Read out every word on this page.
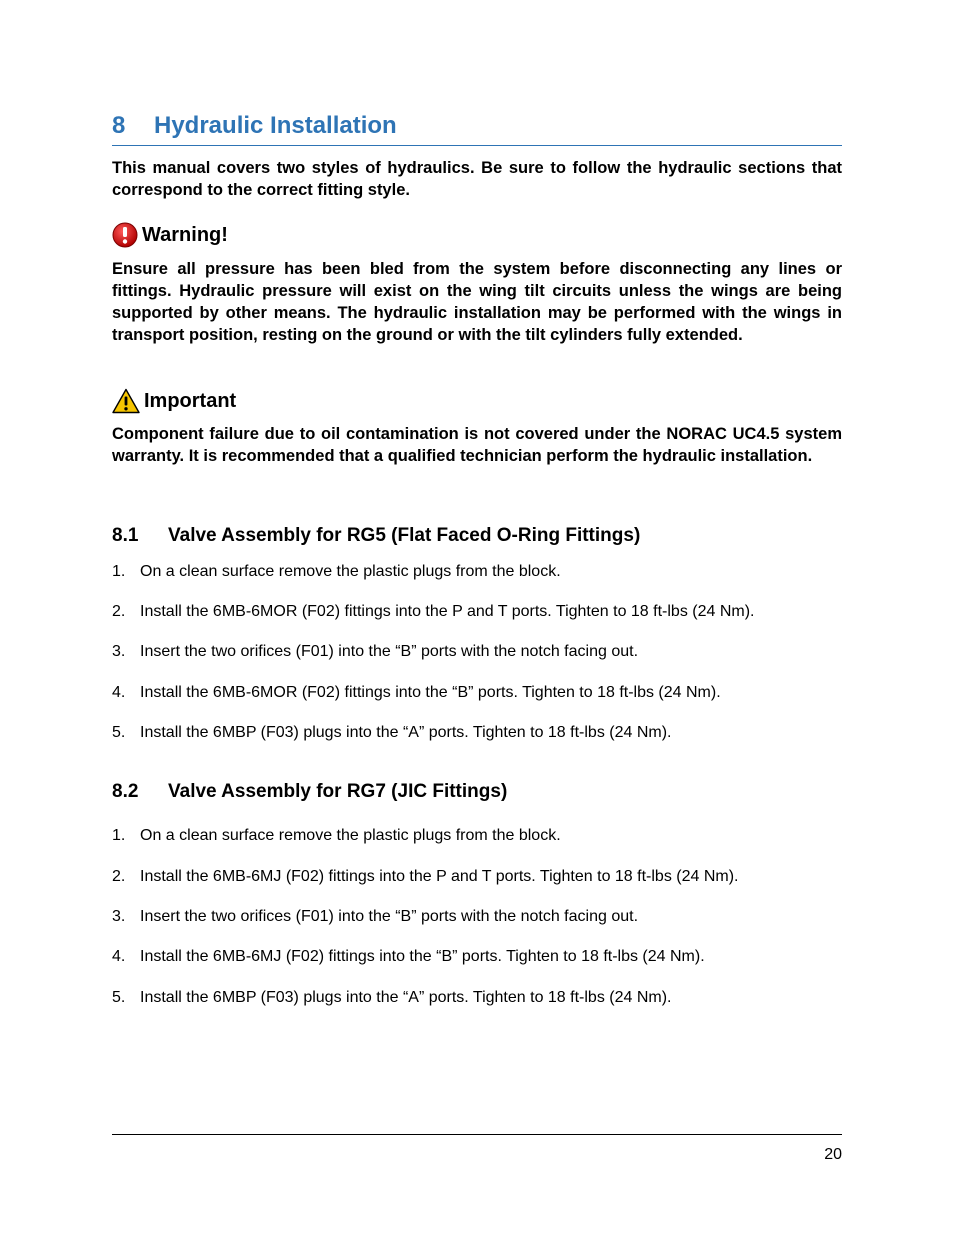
8 Hydraulic Installation
This manual covers two styles of hydraulics. Be sure to follow the hydraulic sections that correspond to the correct fitting style.
Warning!
Ensure all pressure has been bled from the system before disconnecting any lines or fittings. Hydraulic pressure will exist on the wing tilt circuits unless the wings are being supported by other means. The hydraulic installation may be performed with the wings in transport position, resting on the ground or with the tilt cylinders fully extended.
Important
Component failure due to oil contamination is not covered under the NORAC UC4.5 system warranty. It is recommended that a qualified technician perform the hydraulic installation.
8.1 Valve Assembly for RG5 (Flat Faced O-Ring Fittings)
1. On a clean surface remove the plastic plugs from the block.
2. Install the 6MB-6MOR (F02) fittings into the P and T ports. Tighten to 18 ft-lbs (24 Nm).
3. Insert the two orifices (F01) into the “B” ports with the notch facing out.
4. Install the 6MB-6MOR (F02) fittings into the “B” ports. Tighten to 18 ft-lbs (24 Nm).
5. Install the 6MBP (F03) plugs into the “A” ports. Tighten to 18 ft-lbs (24 Nm).
8.2 Valve Assembly for RG7 (JIC Fittings)
1. On a clean surface remove the plastic plugs from the block.
2. Install the 6MB-6MJ (F02) fittings into the P and T ports. Tighten to 18 ft-lbs (24 Nm).
3. Insert the two orifices (F01) into the “B” ports with the notch facing out.
4. Install the 6MB-6MJ (F02) fittings into the “B” ports. Tighten to 18 ft-lbs (24 Nm).
5. Install the 6MBP (F03) plugs into the “A” ports. Tighten to 18 ft-lbs (24 Nm).
20
